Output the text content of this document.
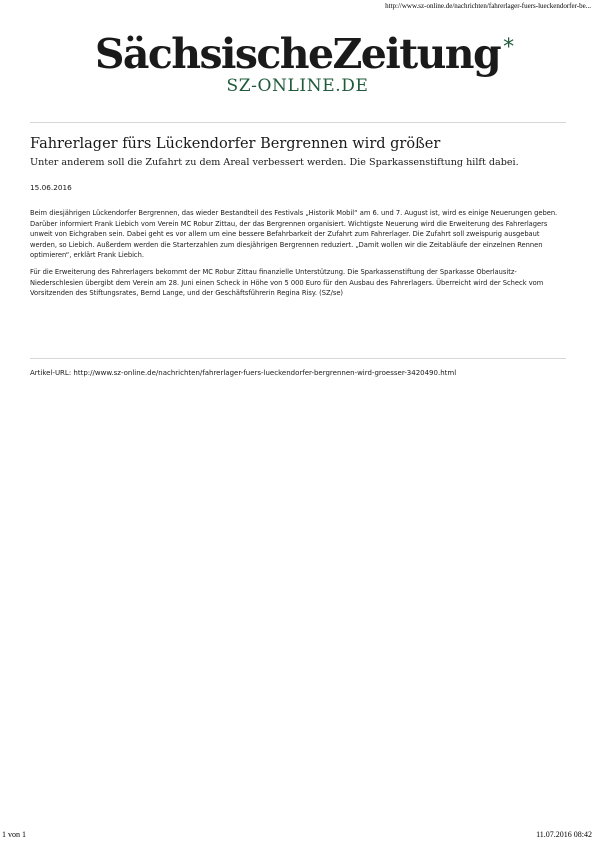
http://www.sz-online.de/nachrichten/fahrerlager-fuers-lueckendorfer-be...
SächsischeZeitung *
SZ-ONLINE.DE
Fahrerlager fürs Lückendorfer Bergrennen wird größer
Unter anderem soll die Zufahrt zu dem Areal verbessert werden. Die Sparkassenstiftung hilft dabei.
15.06.2016

Beim diesjährigen Lückendorfer Bergrennen, das wieder Bestandteil des Festivals „Historik Mobil“ am 6. und 7. August ist, wird es einige Neuerungen geben. Darüber informiert Frank Liebich vom Verein MC Robur Zittau, der das Bergrennen organisiert. Wichtigste Neuerung wird die Erweiterung des Fahrerlagers unweit von Eichgraben sein. Dabei geht es vor allem um eine bessere Befahrbarkeit der Zufahrt zum Fahrerlager. Die Zufahrt soll zweispurig ausgebaut werden, so Liebich. Außerdem werden die Starterzahlen zum diesjährigen Bergrennen reduziert. „Damit wollen wir die Zeitabläufe der einzelnen Rennen optimieren“, erklärt Frank Liebich.

Für die Erweiterung des Fahrerlagers bekommt der MC Robur Zittau finanzielle Unterstützung. Die Sparkassenstiftung der Sparkasse Oberlausitz-Niederschlesien übergibt dem Verein am 28. Juni einen Scheck in Höhe von 5 000 Euro für den Ausbau des Fahrerlagers. Überreicht wird der Scheck vom Vorsitzenden des Stiftungsrates, Bernd Lange, und der Geschäftsführerin Regina Risy. (SZ/se)

Artikel-URL: http://www.sz-online.de/nachrichten/fahrerlager-fuers-lueckendorfer-bergrennen-wird-groesser-3420490.html
1 von 1	11.07.2016 08:42
